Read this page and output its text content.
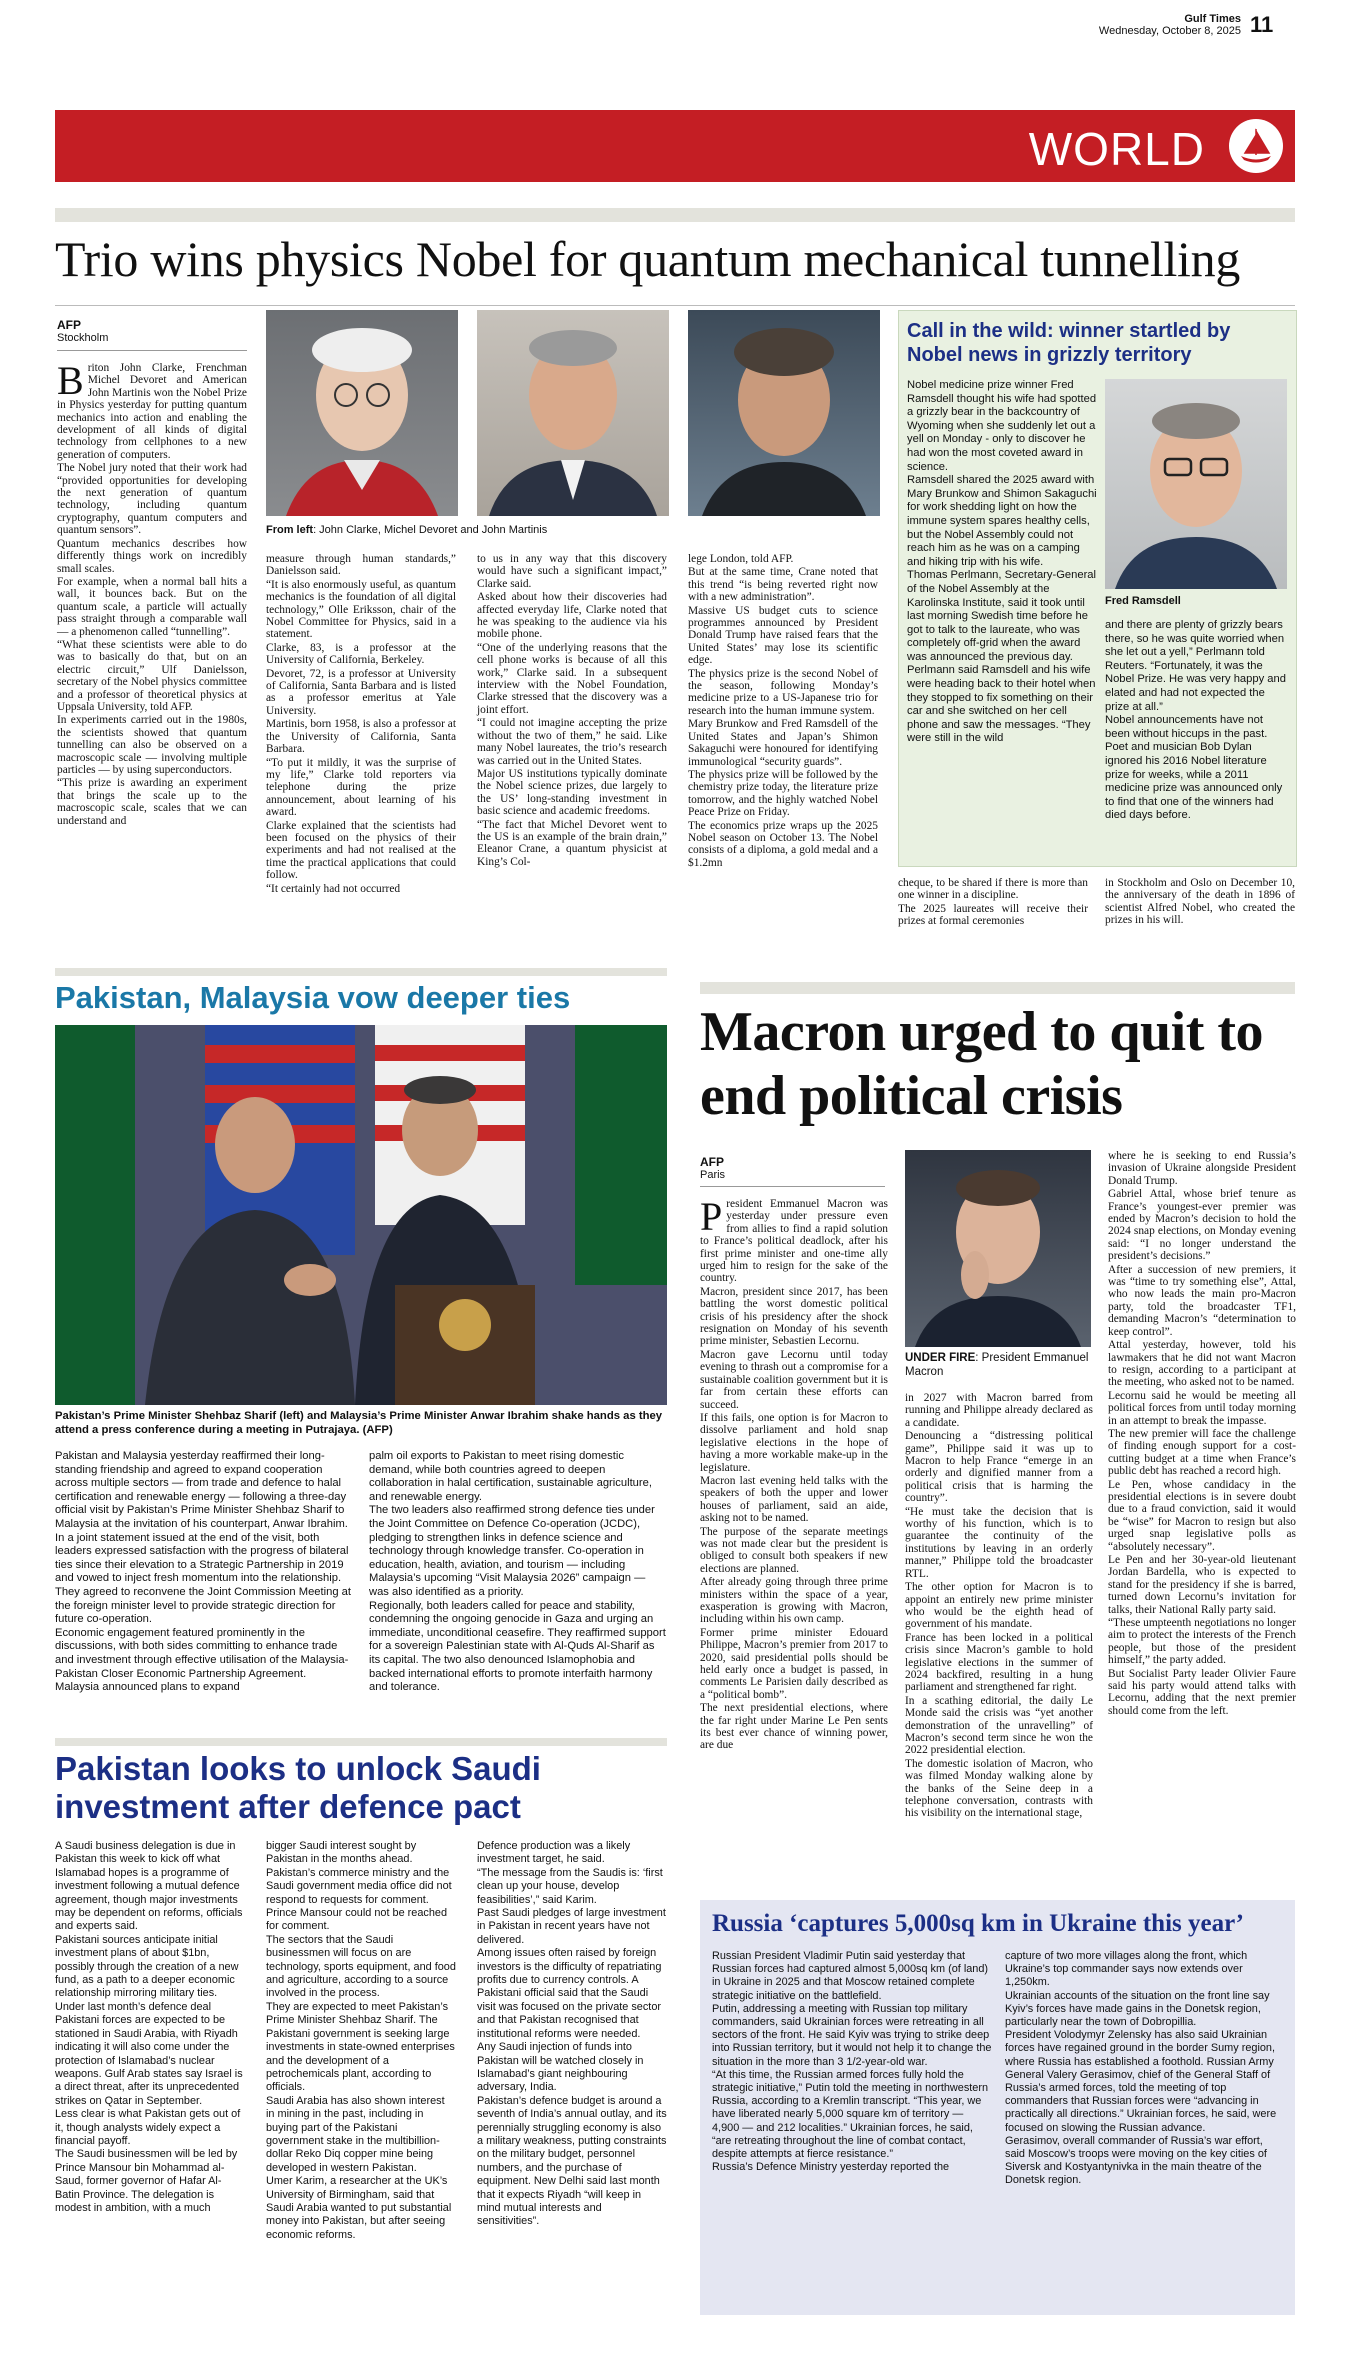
Gulf Times
Wednesday, October 8, 2025 11
WORLD
Trio wins physics Nobel for quantum mechanical tunnelling
AFP
Stockholm

Briton John Clarke, Frenchman Michel Devoret and American John Martinis won the Nobel Prize in Physics yesterday for putting quantum mechanics into action and enabling the development of all kinds of digital technology from cellphones to a new generation of computers.

The Nobel jury noted that their work had “provided opportunities for developing the next generation of quantum technology, including quantum cryptography, quantum computers and quantum sensors”.

Quantum mechanics describes how differently things work on incredibly small scales.

For example, when a normal ball hits a wall, it bounces back. But on the quantum scale, a particle will actually pass straight through a comparable wall — a phenomenon called “tunnelling”.

“What these scientists were able to do was to basically do that, but on an electric circuit,” Ulf Danielsson, secretary of the Nobel physics committee and a professor of theoretical physics at Uppsala University, told AFP.

In experiments carried out in the 1980s, the scientists showed that quantum tunnelling can also be observed on a macroscopic scale — involving multiple particles — by using superconductors.

“This prize is awarding an experiment that brings the scale up to the macroscopic scale, scales that we can understand and

From left: John Clarke, Michel Devoret and John Martinis

measure through human standards,” Danielsson said.

“It is also enormously useful, as quantum mechanics is the foundation of all digital technology,” Olle Eriksson, chair of the Nobel Committee for Physics, said in a statement.

Clarke, 83, is a professor at the University of California, Berkeley.

Devoret, 72, is a professor at University of California, Santa Barbara and is listed as a professor emeritus at Yale University.

Martinis, born 1958, is also a professor at the University of California, Santa Barbara.

“To put it mildly, it was the surprise of my life,” Clarke told reporters via telephone during the prize announcement, about learning of his award.

Clarke explained that the scientists had been focused on the physics of their experiments and had not realised at the time the practical applications that could follow.

“It certainly had not occurred

to us in any way that this discovery would have such a significant impact,” Clarke said.

Asked about how their discoveries had affected everyday life, Clarke noted that he was speaking to the audience via his mobile phone.

“One of the underlying reasons that the cell phone works is because of all this work,” Clarke said. In a subsequent interview with the Nobel Foundation, Clarke stressed that the discovery was a joint effort.

“I could not imagine accepting the prize without the two of them,” he said. Like many Nobel laureates, the trio’s research was carried out in the United States.

Major US institutions typically dominate the Nobel science prizes, due largely to the US’ long-standing investment in basic science and academic freedoms.

“The fact that Michel Devoret went to the US is an example of the brain drain,” Eleanor Crane, a quantum physicist at King’s Col-

lege London, told AFP.

But at the same time, Crane noted that this trend “is being reverted right now with a new administration”.

Massive US budget cuts to science programmes announced by President Donald Trump have raised fears that the United States’ may lose its scientific edge.

The physics prize is the second Nobel of the season, following Monday’s medicine prize to a US-Japanese trio for research into the human immune system.

Mary Brunkow and Fred Ramsdell of the United States and Japan’s Shimon Sakaguchi were honoured for identifying immunological “security guards”.

The physics prize will be followed by the chemistry prize today, the literature prize tomorrow, and the highly watched Nobel Peace Prize on Friday.

The economics prize wraps up the 2025 Nobel season on October 13. The Nobel consists of a diploma, a gold medal and a $1.2mn

Call in the wild: winner startled by Nobel news in grizzly territory

Nobel medicine prize winner Fred Ramsdell thought his wife had spotted a grizzly bear in the backcountry of Wyoming when she suddenly let out a yell on Monday - only to discover he had won the most coveted award in science.

Ramsdell shared the 2025 award with Mary Brunkow and Shimon Sakaguchi for work shedding light on how the immune system spares healthy cells, but the Nobel Assembly could not reach him as he was on a camping and hiking trip with his wife.

Thomas Perlmann, Secretary-General of the Nobel Assembly at the Karolinska Institute, said it took until last morning Swedish time before he got to talk to the laureate, who was completely off-grid when the award was announced the previous day.

Perlmann said Ramsdell and his wife were heading back to their hotel when they stopped to fix something on their car and she switched on her cell phone and saw the messages. “They were still in the wild

Fred Ramsdell

and there are plenty of grizzly bears there, so he was quite worried when she let out a yell,” Perlmann told Reuters. “Fortunately, it was the Nobel Prize. He was very happy and elated and had not expected the prize at all.”

Nobel announcements have not been without hiccups in the past. Poet and musician Bob Dylan ignored his 2016 Nobel literature prize for weeks, while a 2011 medicine prize was announced only to find that one of the winners had died days before.

cheque, to be shared if there is more than one winner in a discipline.

The 2025 laureates will receive their prizes at formal ceremonies

in Stockholm and Oslo on December 10, the anniversary of the death in 1896 of scientist Alfred Nobel, who created the prizes in his will.

Pakistan, Malaysia vow deeper ties
Pakistan’s Prime Minister Shehbaz Sharif (left) and Malaysia’s Prime Minister Anwar Ibrahim shake hands as they attend a press conference during a meeting in Putrajaya. (AFP)

Pakistan and Malaysia yesterday reaffirmed their long-standing friendship and agreed to expand cooperation across multiple sectors — from trade and defence to halal certification and renewable energy — following a three-day official visit by Pakistan’s Prime Minister Shehbaz Sharif to Malaysia at the invitation of his counterpart, Anwar Ibrahim.

In a joint statement issued at the end of the visit, both leaders expressed satisfaction with the progress of bilateral ties since their elevation to a Strategic Partnership in 2019 and vowed to inject fresh momentum into the relationship. They agreed to reconvene the Joint Commission Meeting at the foreign minister level to provide strategic direction for future co-operation.

Economic engagement featured prominently in the discussions, with both sides committing to enhance trade and investment through effective utilisation of the Malaysia-Pakistan Closer Economic Partnership Agreement. Malaysia announced plans to expand

palm oil exports to Pakistan to meet rising domestic demand, while both countries agreed to deepen collaboration in halal certification, sustainable agriculture, and renewable energy.

The two leaders also reaffirmed strong defence ties under the Joint Committee on Defence Co-operation (JCDC), pledging to strengthen links in defence science and technology through knowledge transfer. Co-operation in education, health, aviation, and tourism — including Malaysia’s upcoming “Visit Malaysia 2026” campaign — was also identified as a priority.

Regionally, both leaders called for peace and stability, condemning the ongoing genocide in Gaza and urging an immediate, unconditional ceasefire. They reaffirmed support for a sovereign Palestinian state with Al-Quds Al-Sharif as its capital. The two also denounced Islamophobia and backed international efforts to promote interfaith harmony and tolerance.

Pakistan looks to unlock Saudi investment after defence pact

A Saudi business delegation is due in Pakistan this week to kick off what Islamabad hopes is a programme of investment following a mutual defence agreement, though major investments may be dependent on reforms, officials and experts said.

Pakistani sources anticipate initial investment plans of about $1bn, possibly through the creation of a new fund, as a path to a deeper economic relationship mirroring military ties.

Under last month’s defence deal Pakistani forces are expected to be stationed in Saudi Arabia, with Riyadh indicating it will also come under the protection of Islamabad’s nuclear weapons. Gulf Arab states say Israel is a direct threat, after its unprecedented strikes on Qatar in September.

Less clear is what Pakistan gets out of it, though analysts widely expect a financial payoff.

The Saudi businessmen will be led by Prince Mansour bin Mohammad al-Saud, former governor of Hafar Al-Batin Province. The delegation is modest in ambition, with a much

bigger Saudi interest sought by Pakistan in the months ahead.

Pakistan’s commerce ministry and the Saudi government media office did not respond to requests for comment. Prince Mansour could not be reached for comment.

The sectors that the Saudi businessmen will focus on are technology, sports equipment, and food and agriculture, according to a source involved in the process.

They are expected to meet Pakistan’s Prime Minister Shehbaz Sharif. The Pakistani government is seeking large investments in state-owned enterprises and the development of a petrochemicals plant, according to officials.

Saudi Arabia has also shown interest in mining in the past, including in buying part of the Pakistani government stake in the multibillion-dollar Reko Diq copper mine being developed in western Pakistan.

Umer Karim, a researcher at the UK’s University of Birmingham, said that Saudi Arabia wanted to put substantial money into Pakistan, but after seeing economic reforms.

Defence production was a likely investment target, he said.

“The message from the Saudis is: ‘first clean up your house, develop feasibilities’,” said Karim.

Past Saudi pledges of large investment in Pakistan in recent years have not delivered.

Among issues often raised by foreign investors is the difficulty of repatriating profits due to currency controls. A Pakistani official said that the Saudi visit was focused on the private sector and that Pakistan recognised that institutional reforms were needed.

Any Saudi injection of funds into Pakistan will be watched closely in Islamabad’s giant neighbouring adversary, India.

Pakistan’s defence budget is around a seventh of India’s annual outlay, and its perennially struggling economy is also a military weakness, putting constraints on the military budget, personnel numbers, and the purchase of equipment. New Delhi said last month that it expects Riyadh “will keep in mind mutual interests and sensitivities”.

Macron urged to quit to end political crisis
AFP
Paris

President Emmanuel Macron was yesterday under pressure even from allies to find a rapid solution to France’s political deadlock, after his first prime minister and one-time ally urged him to resign for the sake of the country.

Macron, president since 2017, has been battling the worst domestic political crisis of his presidency after the shock resignation on Monday of his seventh prime minister, Sebastien Lecornu.

Macron gave Lecornu until today evening to thrash out a compromise for a sustainable coalition government but it is far from certain these efforts can succeed.

If this fails, one option is for Macron to dissolve parliament and hold snap legislative elections in the hope of having a more workable make-up in the legislature.

Macron last evening held talks with the speakers of both the upper and lower houses of parliament, said an aide, asking not to be named.

The purpose of the separate meetings was not made clear but the president is obliged to consult both speakers if new elections are planned.

After already going through three prime ministers within the space of a year, exasperation is growing with Macron, including within his own camp.

Former prime minister Edouard Philippe, Macron’s premier from 2017 to 2020, said presidential polls should be held early once a budget is passed, in comments Le Parisien daily described as a “political bomb”.

The next presidential elections, where the far right under Marine Le Pen sents its best ever chance of winning power, are due

UNDER FIRE: President Emmanuel Macron

in 2027 with Macron barred from running and Philippe already declared as a candidate.

Denouncing a “distressing political game”, Philippe said it was up to Macron to help France “emerge in an orderly and dignified manner from a political crisis that is harming the country”.

“He must take the decision that is worthy of his function, which is to guarantee the continuity of the institutions by leaving in an orderly manner,” Philippe told the broadcaster RTL.

The other option for Macron is to appoint an entirely new prime minister who would be the eighth head of government of his mandate.

France has been locked in a political crisis since Macron’s gamble to hold legislative elections in the summer of 2024 backfired, resulting in a hung parliament and strengthened far right.

In a scathing editorial, the daily Le Monde said the crisis was “yet another demonstration of the unravelling” of Macron’s second term since he won the 2022 presidential election.

The domestic isolation of Macron, who was filmed Monday walking alone by the banks of the Seine deep in a telephone conversation, contrasts with his visibility on the international stage,

where he is seeking to end Russia’s invasion of Ukraine alongside President Donald Trump.

Gabriel Attal, whose brief tenure as France’s youngest-ever premier was ended by Macron’s decision to hold the 2024 snap elections, on Monday evening said: “I no longer understand the president’s decisions.”

After a succession of new premiers, it was “time to try something else”, Attal, who now leads the main pro-Macron party, told the broadcaster TF1, demanding Macron’s “determination to keep control”.

Attal yesterday, however, told his lawmakers that he did not want Macron to resign, according to a participant at the meeting, who asked not to be named.

Lecornu said he would be meeting all political forces from until today morning in an attempt to break the impasse.

The new premier will face the challenge of finding enough support for a cost-cutting budget at a time when France’s public debt has reached a record high.

Le Pen, whose candidacy in the presidential elections is in severe doubt due to a fraud conviction, said it would be “wise” for Macron to resign but also urged snap legislative polls as “absolutely necessary”.

Le Pen and her 30-year-old lieutenant Jordan Bardella, who is expected to stand for the presidency if she is barred, turned down Lecornu’s invitation for talks, their National Rally party said.

“These umpteenth negotiations no longer aim to protect the interests of the French people, but those of the president himself,” the party added.

But Socialist Party leader Olivier Faure said his party would attend talks with Lecornu, adding that the next premier should come from the left.

Russia ‘captures 5,000sq km in Ukraine this year’

Russian President Vladimir Putin said yesterday that Russian forces had captured almost 5,000sq km (of land) in Ukraine in 2025 and that Moscow retained complete strategic initiative on the battlefield.

Putin, addressing a meeting with Russian top military commanders, said Ukrainian forces were retreating in all sectors of the front. He said Kyiv was trying to strike deep into Russian territory, but it would not help it to change the situation in the more than 3 1/2-year-old war.

“At this time, the Russian armed forces fully hold the strategic initiative,” Putin told the meeting in northwestern Russia, according to a Kremlin transcript. “This year, we have liberated nearly 5,000 square km of territory — 4,900 — and 212 localities.” Ukrainian forces, he said, “are retreating throughout the line of combat contact, despite attempts at fierce resistance.”

Russia’s Defence Ministry yesterday reported the

capture of two more villages along the front, which Ukraine’s top commander says now extends over 1,250km.

Ukrainian accounts of the situation on the front line say Kyiv’s forces have made gains in the Donetsk region, particularly near the town of Dobropillia.

President Volodymyr Zelensky has also said Ukrainian forces have regained ground in the border Sumy region, where Russia has established a foothold. Russian Army General Valery Gerasimov, chief of the General Staff of Russia’s armed forces, told the meeting of top commanders that Russian forces were “advancing in practically all directions.” Ukrainian forces, he said, were focused on slowing the Russian advance.

Gerasimov, overall commander of Russia’s war effort, said Moscow’s troops were moving on the key cities of Siversk and Kostyantynivka in the main theatre of the Donetsk region.
